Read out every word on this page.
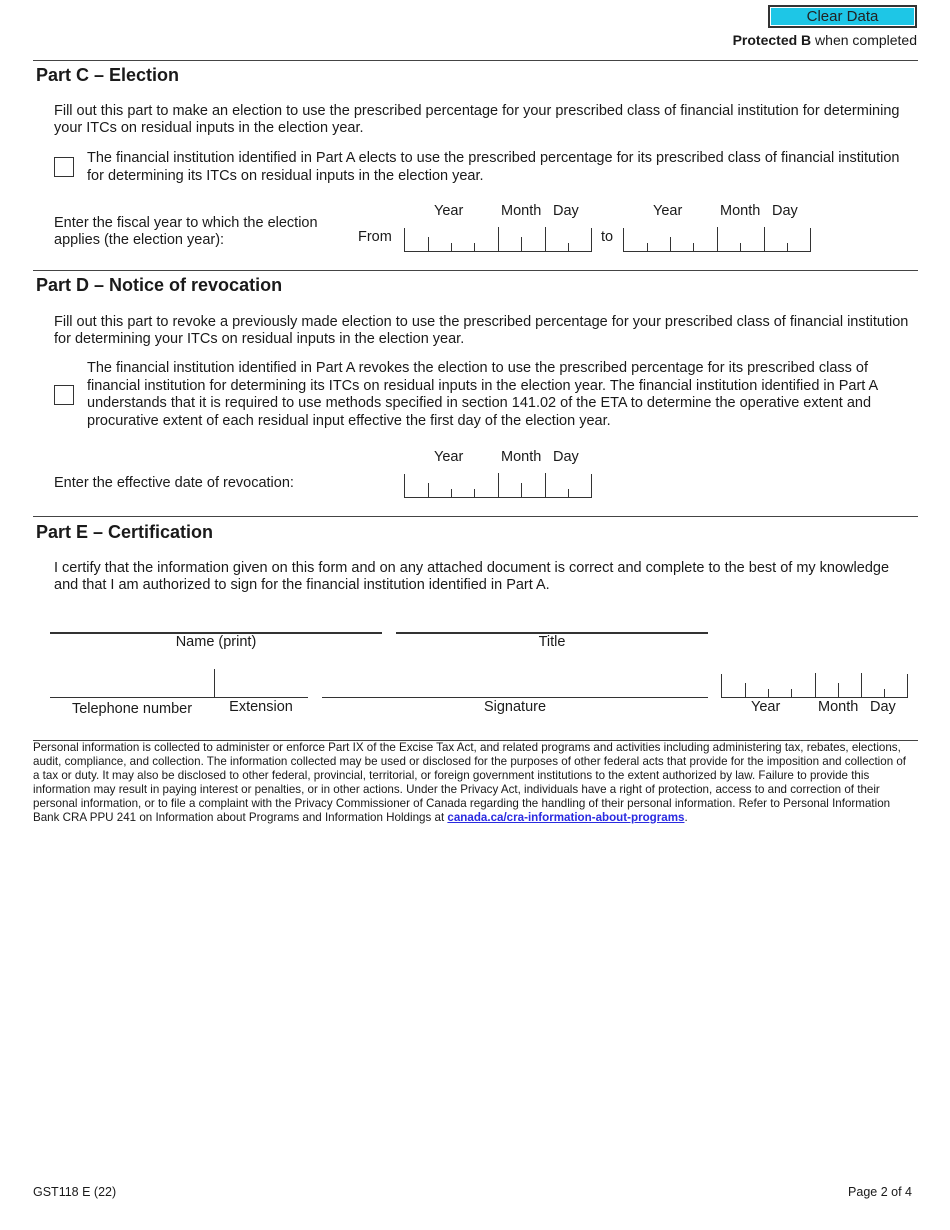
Clear Data
Protected B when completed
Part C – Election
Fill out this part to make an election to use the prescribed percentage for your prescribed class of financial institution for determining your ITCs on residual inputs in the election year.
The financial institution identified in Part A elects to use the prescribed percentage for its prescribed class of financial institution for determining its ITCs on residual inputs in the election year.
Enter the fiscal year to which the election applies (the election year):	From
Year	Month Day
to
Year	Month Day
Part D – Notice of revocation
Fill out this part to revoke a previously made election to use the prescribed percentage for your prescribed class of financial institution for determining your ITCs on residual inputs in the election year.
The financial institution identified in Part A revokes the election to use the prescribed percentage for its prescribed class of financial institution for determining its ITCs on residual inputs in the election year. The financial institution identified in Part A understands that it is required to use methods specified in section 141.02 of the ETA to determine the operative extent and procurative extent of each residual input effective the first day of the election year.
Enter the effective date of revocation:
Year	Month Day
Part E – Certification
I certify that the information given on this form and on any attached document is correct and complete to the best of my knowledge and that I am authorized to sign for the financial institution identified in Part A.
Name (print)	Title
Telephone number	Extension	Signature	Year	Month Day
Personal information is collected to administer or enforce Part IX of the Excise Tax Act, and related programs and activities including administering tax, rebates, elections, audit, compliance, and collection. The information collected may be used or disclosed for the purposes of other federal acts that provide for the imposition and collection of a tax or duty. It may also be disclosed to other federal, provincial, territorial, or foreign government institutions to the extent authorized by law. Failure to provide this information may result in paying interest or penalties, or in other actions. Under the Privacy Act, individuals have a right of protection, access to and correction of their personal information, or to file a complaint with the Privacy Commissioner of Canada regarding the handling of their personal information. Refer to Personal Information Bank CRA PPU 241 on Information about Programs and Information Holdings at canada.ca/cra-information-about-programs.
GST118 E (22)	Page 2 of 4
